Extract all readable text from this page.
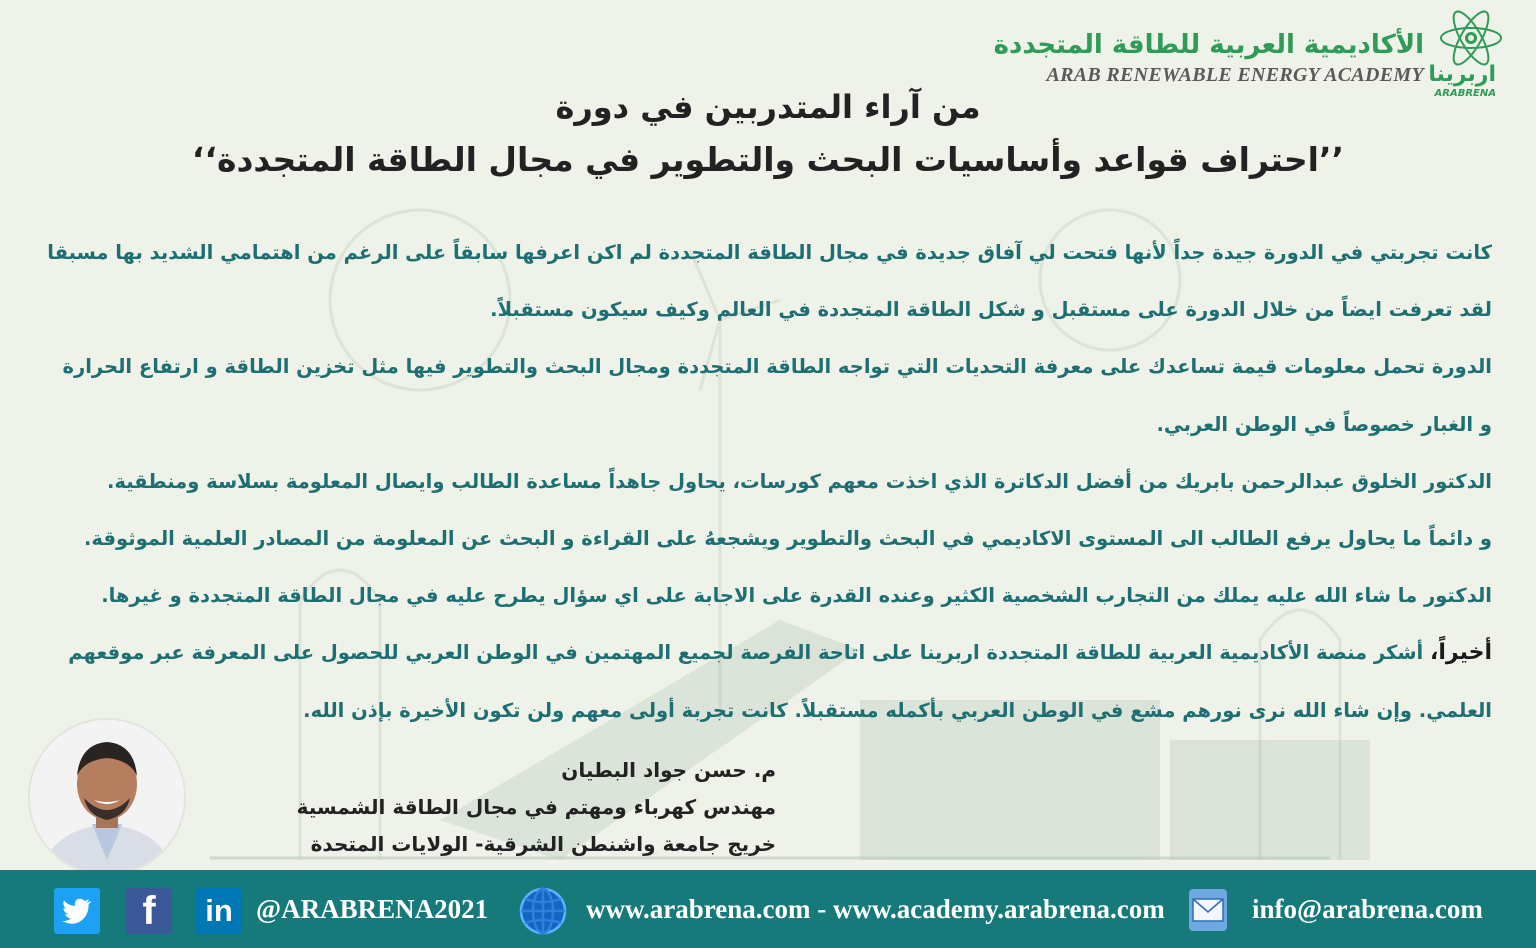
الأكاديمية العربية للطاقة المتجددة
ARAB RENEWABLE ENERGY ACADEMY اربرينا
ARABRENA
من آراء المتدربين في دورة
’’احتراف قواعد وأساسيات البحث والتطوير في مجال الطاقة المتجددة‘‘

كانت تجربتي في الدورة جيدة جداً لأنها فتحت لي آفاق جديدة في مجال الطاقة المتجددة لم اكن اعرفها سابقاً على الرغم من اهتمامي الشديد بها مسبقا

لقد تعرفت ايضاً من خلال الدورة على مستقبل و شكل الطاقة المتجددة في العالم وكيف سيكون مستقبلاً.

الدورة تحمل معلومات قيمة تساعدك على معرفة التحديات التي تواجه الطاقة المتجددة ومجال البحث والتطوير فيها مثل تخزين الطاقة و ارتفاع الحرارة

و الغبار خصوصاً في الوطن العربي.

الدكتور الخلوق عبدالرحمن بابريك من أفضل الدكاترة الذي اخذت معهم كورسات، يحاول جاهداً مساعدة الطالب وايصال المعلومة بسلاسة ومنطقية.

و دائماً ما يحاول يرفع الطالب الى المستوى الاكاديمي في البحث والتطوير ويشجعهُ على القراءة و البحث عن المعلومة من المصادر العلمية الموثوقة.

الدكتور ما شاء الله عليه يملك من التجارب الشخصية الكثير وعنده القدرة على الاجابة على اي سؤال يطرح عليه في مجال الطاقة المتجددة و غيرها.

أخيراً، أشكر منصة الأكاديمية العربية للطاقة المتجددة اربرينا على اتاحة الفرصة لجميع المهتمين في الوطن العربي للحصول على المعرفة عبر موقعهم

العلمي. وإن شاء الله نرى نورهم مشع في الوطن العربي بأكمله مستقبلاً. كانت تجربة أولى معهم ولن تكون الأخيرة بإذن الله.

م. حسن جواد البطيان
مهندس كهرباء ومهتم في مجال الطاقة الشمسية
خريج جامعة واشنطن الشرقية- الولايات المتحدة
f	in @ARABRENA2021	www.arabrena.com - www.academy.arabrena.com	info@arabrena.com
